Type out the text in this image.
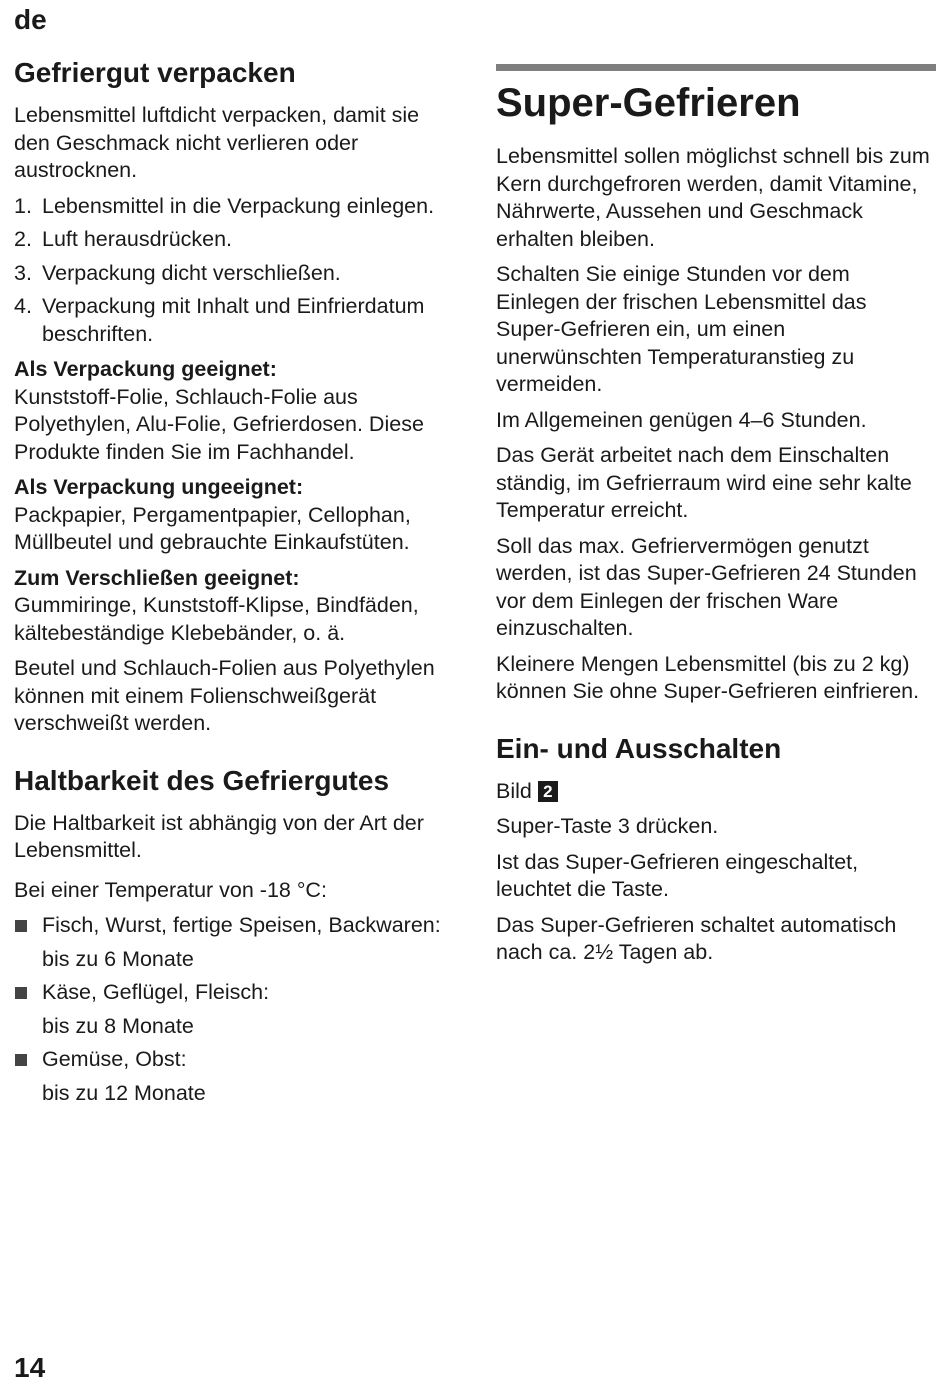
de
Gefriergut verpacken

Lebensmittel luftdicht verpacken, damit sie den Geschmack nicht verlieren oder austrocknen.

1. Lebensmittel in die Verpackung einlegen.
2. Luft herausdrücken.
3. Verpackung dicht verschließen.
4. Verpackung mit Inhalt und Einfrierdatum beschriften.

Als Verpackung geeignet:
Kunststoff-Folie, Schlauch-Folie aus Polyethylen, Alu-Folie, Gefrierdosen. Diese Produkte finden Sie im Fachhandel.

Als Verpackung ungeeignet:
Packpapier, Pergamentpapier, Cellophan, Müllbeutel und gebrauchte Einkaufstüten.

Zum Verschließen geeignet:
Gummiringe, Kunststoff-Klipse, Bindfäden, kältebeständige Klebebänder, o. ä.

Beutel und Schlauch-Folien aus Polyethylen können mit einem Folienschweißgerät verschweißt werden.

Haltbarkeit des Gefriergutes

Die Haltbarkeit ist abhängig von der Art der Lebensmittel.

Bei einer Temperatur von -18 °C:

Fisch, Wurst, fertige Speisen, Backwaren:
bis zu 6 Monate
Käse, Geflügel, Fleisch:
bis zu 8 Monate
Gemüse, Obst:
bis zu 12 Monate
Super-Gefrieren

Lebensmittel sollen möglichst schnell bis zum Kern durchgefroren werden, damit Vitamine, Nährwerte, Aussehen und Geschmack erhalten bleiben.

Schalten Sie einige Stunden vor dem Einlegen der frischen Lebensmittel das Super-Gefrieren ein, um einen unerwünschten Temperaturanstieg zu vermeiden.

Im Allgemeinen genügen 4–6 Stunden.

Das Gerät arbeitet nach dem Einschalten ständig, im Gefrierraum wird eine sehr kalte Temperatur erreicht.

Soll das max. Gefriervermögen genutzt werden, ist das Super-Gefrieren 24 Stunden vor dem Einlegen der frischen Ware einzuschalten.

Kleinere Mengen Lebensmittel (bis zu 2 kg) können Sie ohne Super-Gefrieren einfrieren.

Ein- und Ausschalten

Bild 2

Super-Taste 3 drücken.

Ist das Super-Gefrieren eingeschaltet, leuchtet die Taste.

Das Super-Gefrieren schaltet automatisch nach ca. 2½ Tagen ab.

14
